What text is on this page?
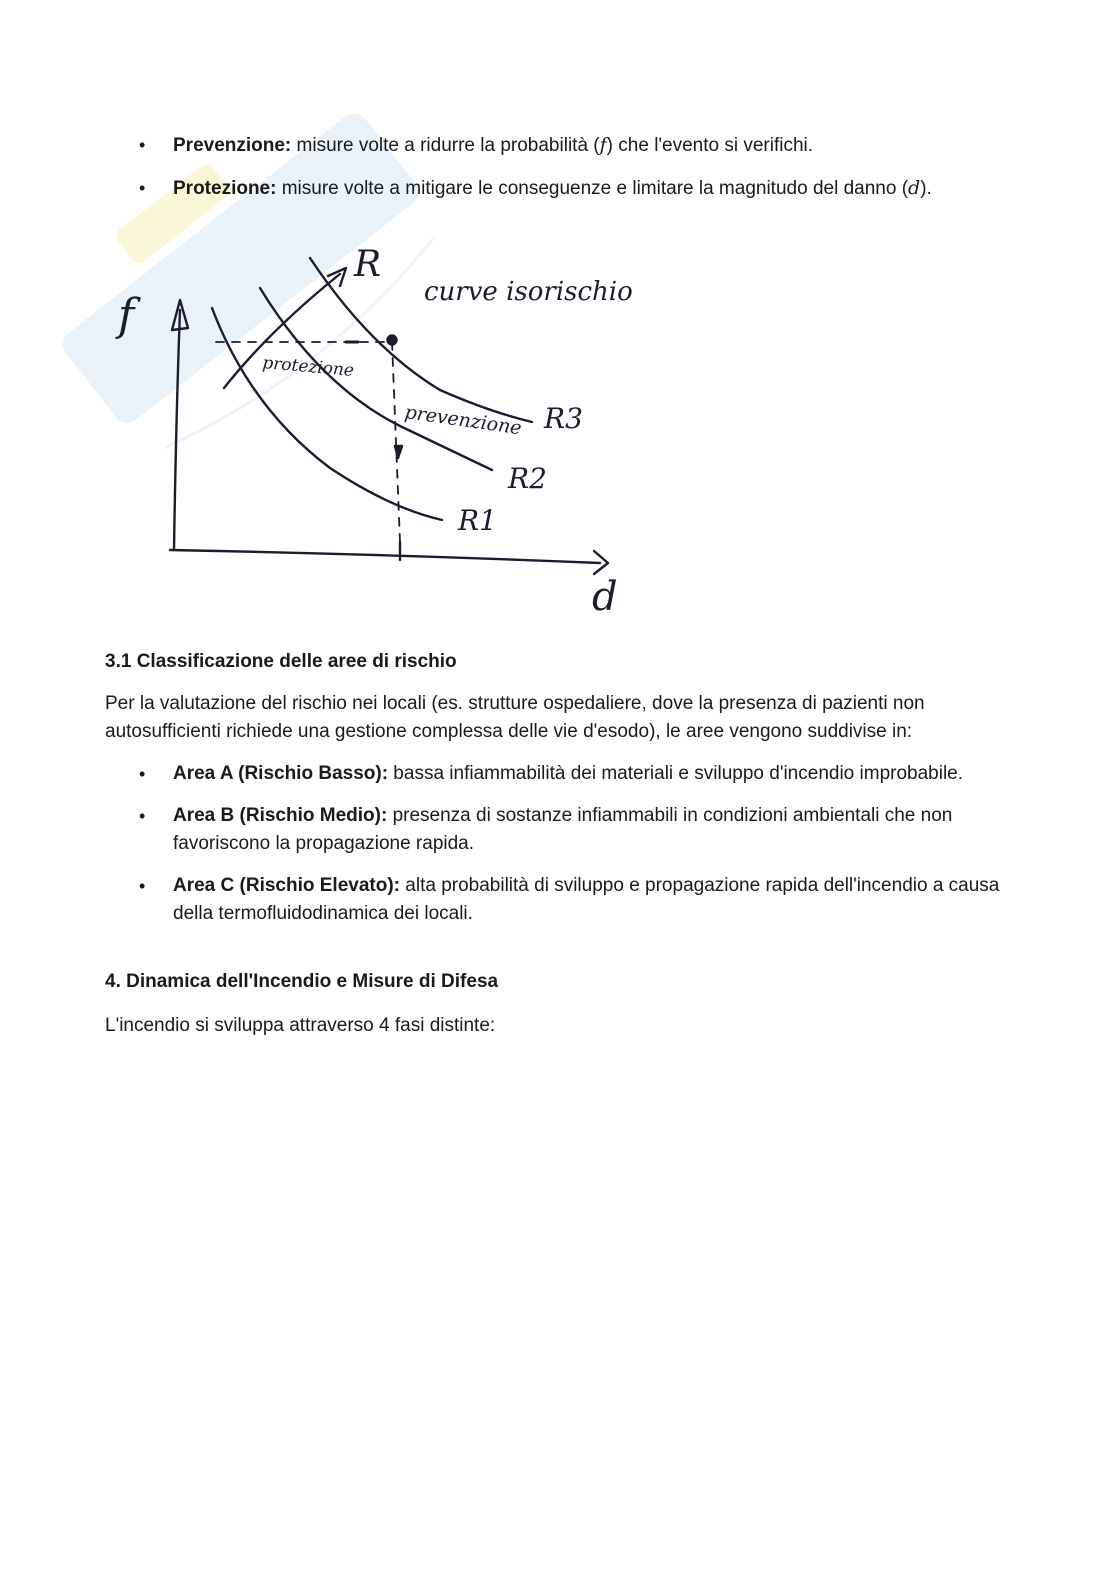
• Prevenzione: misure volte a ridurre la probabilità (f) che l'evento si verifichi.
• Protezione: misure volte a mitigare le conseguenze e limitare la magnitudo del danno (d).
f
d
R
curve isorischio
protezione
prevenzione R3
R2
R1
3.1 Classificazione delle aree di rischio

Per la valutazione del rischio nei locali (es. strutture ospedaliere, dove la presenza di pazienti non autosufficienti richiede una gestione complessa delle vie d'esodo), le aree vengono suddivise in:

• Area A (Rischio Basso): bassa infiammabilità dei materiali e sviluppo d'incendio improbabile.
• Area B (Rischio Medio): presenza di sostanze infiammabili in condizioni ambientali che non favoriscono la propagazione rapida.
• Area C (Rischio Elevato): alta probabilità di sviluppo e propagazione rapida dell'incendio a causa della termofluidodinamica dei locali.
4. Dinamica dell'Incendio e Misure di Difesa

L'incendio si sviluppa attraverso 4 fasi distinte:
